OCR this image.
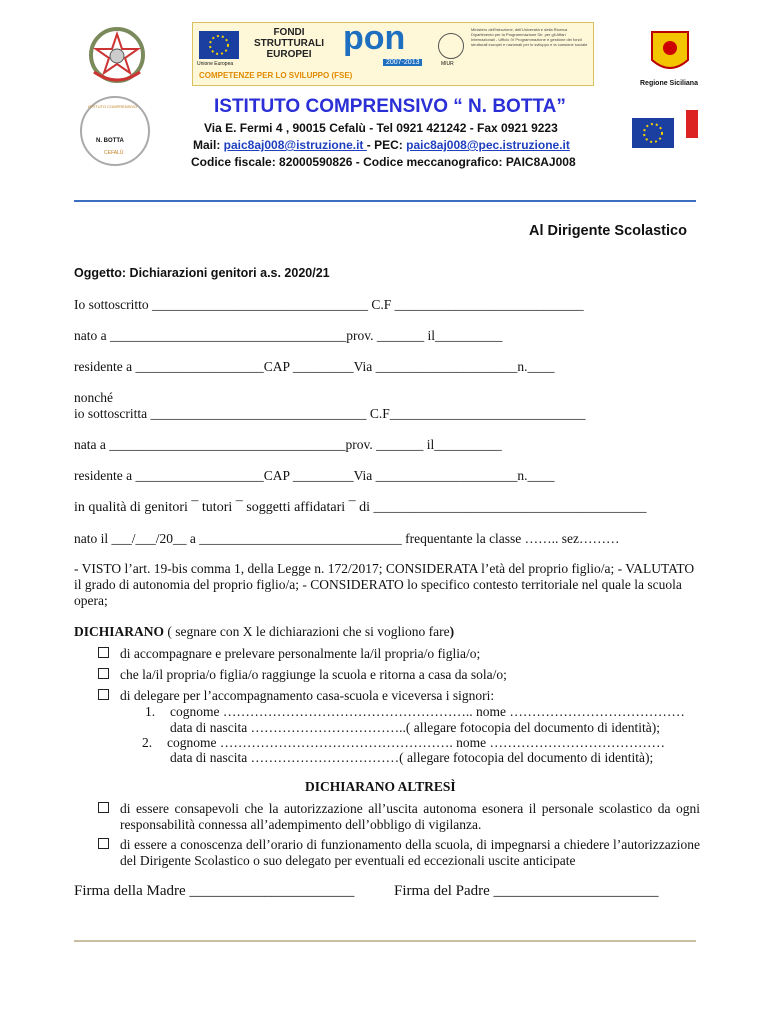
Unione Europea
FONDI
STRUTTURALI
EUROPEI pon
2007-2013	MIUR
Ministero dell'Istruzione, dell'Università e della Ricerca Dipartimento per la Programmazione Dir. per gli Affari Internazionali - Ufficio IV Programmazione e gestione dei fondi strutturali europei e nazionali per lo sviluppo e la coesione sociale
COMPETENZE PER LO SVILUPPO (FSE)
Regione Siciliana
ISTITUTO COMPRENSIVO
N. BOTTA
CEFALÙ
ISTITUTO COMPRENSIVO “ N. BOTTA”
Via E. Fermi 4 , 90015 Cefalù - Tel 0921 421242 - Fax 0921 9223
Mail: paic8aj008@istruzione.it - PEC: paic8aj008@pec.istruzione.it
Codice fiscale: 82000590826 - Codice meccanografico: PAIC8AJ008
Al Dirigente Scolastico
Oggetto: Dichiarazioni genitori a.s. 2020/21
Io sottoscritto ________________________________ C.F ____________________________
nato a ___________________________________prov. _______ il__________
residente a ___________________CAP _________Via _____________________n.____
nonché
io sottoscritta ________________________________ C.F_____________________________
nata a ___________________________________prov. _______ il__________
residente a ___________________CAP _________Via _____________________n.____
in qualità di genitori ¯ tutori ¯ soggetti affidatari ¯ di _______________________________________
nato il ___/___/20__ a ______________________________ frequentante la classe …….. sez………
- VISTO l’art. 19-bis comma 1, della Legge n. 172/2017; CONSIDERATA l’età del proprio figlio/a; - VALUTATO il grado di autonomia del proprio figlio/a; - CONSIDERATO lo specifico contesto territoriale nel quale la scuola opera;
DICHIARANO ( segnare con X le dichiarazioni che si vogliono fare)
di accompagnare e prelevare personalmente la/il propria/o figlia/o;
che la/il propria/o figlia/o raggiunge la scuola e ritorna a casa da sola/o;
di delegare per l’accompagnamento casa-scuola e viceversa i signori:
1. cognome ……………………………………………….. nome …………………………………
data di nascita ……………………………..( allegare fotocopia del documento di identità);
2. cognome ……………………………………………. nome …………………………………
data di nascita ……………………………( allegare fotocopia del documento di identità);
DICHIARANO ALTRESÌ
di essere consapevoli che la autorizzazione all’uscita autonoma esonera il personale scolastico da ogni responsabilità connessa all’adempimento dell’obbligo di vigilanza.
di essere a conoscenza dell’orario di funzionamento della scuola, di impegnarsi a chiedere l’autorizzazione del Dirigente Scolastico o suo delegato per eventuali ed eccezionali uscite anticipate
Firma della Madre ______________________	Firma del Padre ______________________
